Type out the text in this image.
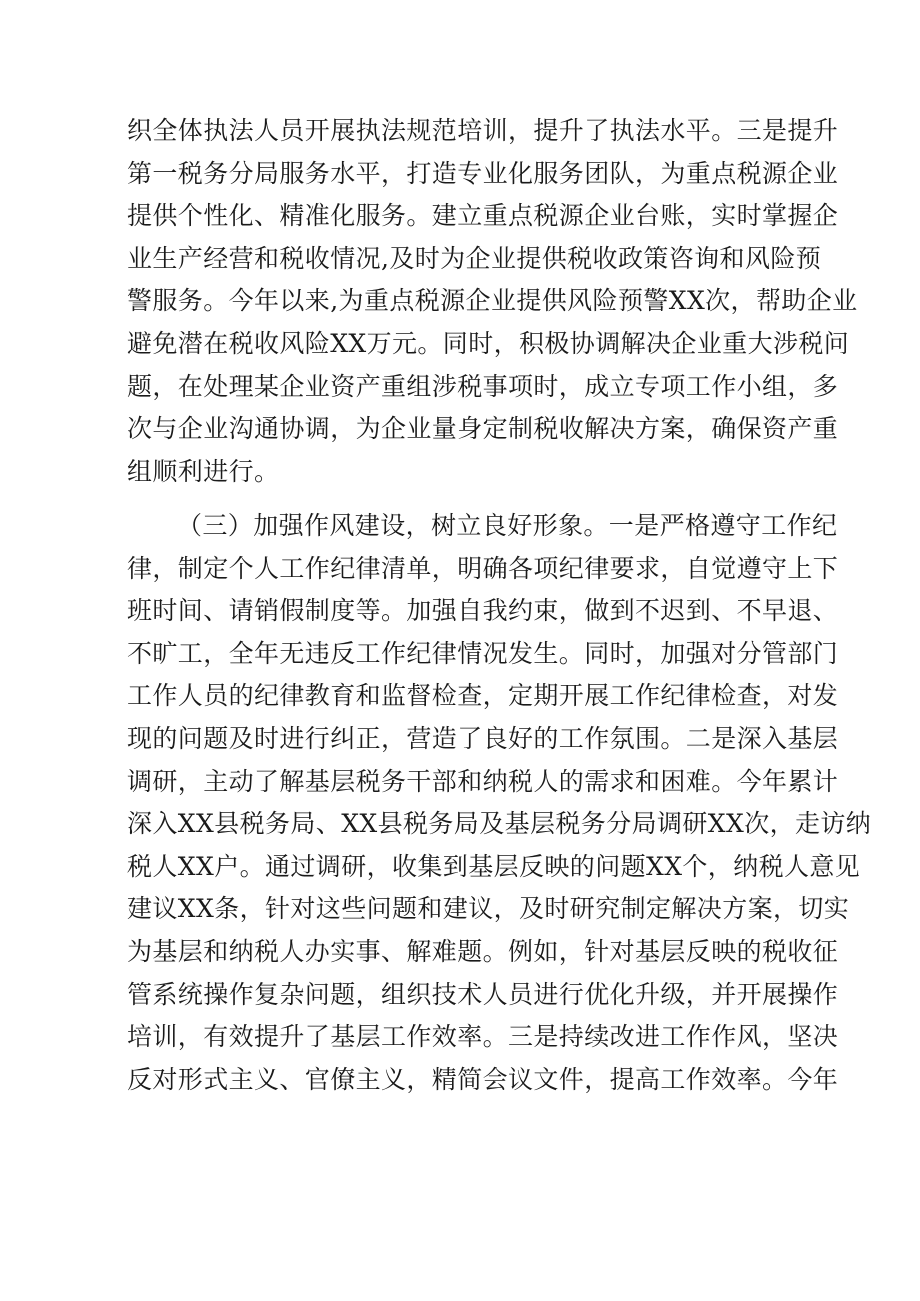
织全体执法人员开展执法规范培训，提升了执法水平。三是提升
第一税务分局服务水平，打造专业化服务团队，为重点税源企业
提供个性化、精准化服务。建立重点税源企业台账，实时掌握企
业生产经营和税收情况,及时为企业提供税收政策咨询和风险预
警服务。今年以来,为重点税源企业提供风险预警XX次，帮助企业
避免潜在税收风险XX万元。同时，积极协调解决企业重大涉税问
题，在处理某企业资产重组涉税事项时，成立专项工作小组，多
次与企业沟通协调，为企业量身定制税收解决方案，确保资产重
组顺利进行。
（三）加强作风建设，树立良好形象。一是严格遵守工作纪
律，制定个人工作纪律清单，明确各项纪律要求，自觉遵守上下
班时间、请销假制度等。加强自我约束，做到不迟到、不早退、
不旷工，全年无违反工作纪律情况发生。同时，加强对分管部门
工作人员的纪律教育和监督检查，定期开展工作纪律检查，对发
现的问题及时进行纠正，营造了良好的工作氛围。二是深入基层
调研，主动了解基层税务干部和纳税人的需求和困难。今年累计
深入XX县税务局、XX县税务局及基层税务分局调研XX次，走访纳
税人XX户。通过调研，收集到基层反映的问题XX个，纳税人意见
建议XX条，针对这些问题和建议，及时研究制定解决方案，切实
为基层和纳税人办实事、解难题。例如，针对基层反映的税收征
管系统操作复杂问题，组织技术人员进行优化升级，并开展操作
培训，有效提升了基层工作效率。三是持续改进工作作风，坚决
反对形式主义、官僚主义，精简会议文件，提高工作效率。今年
